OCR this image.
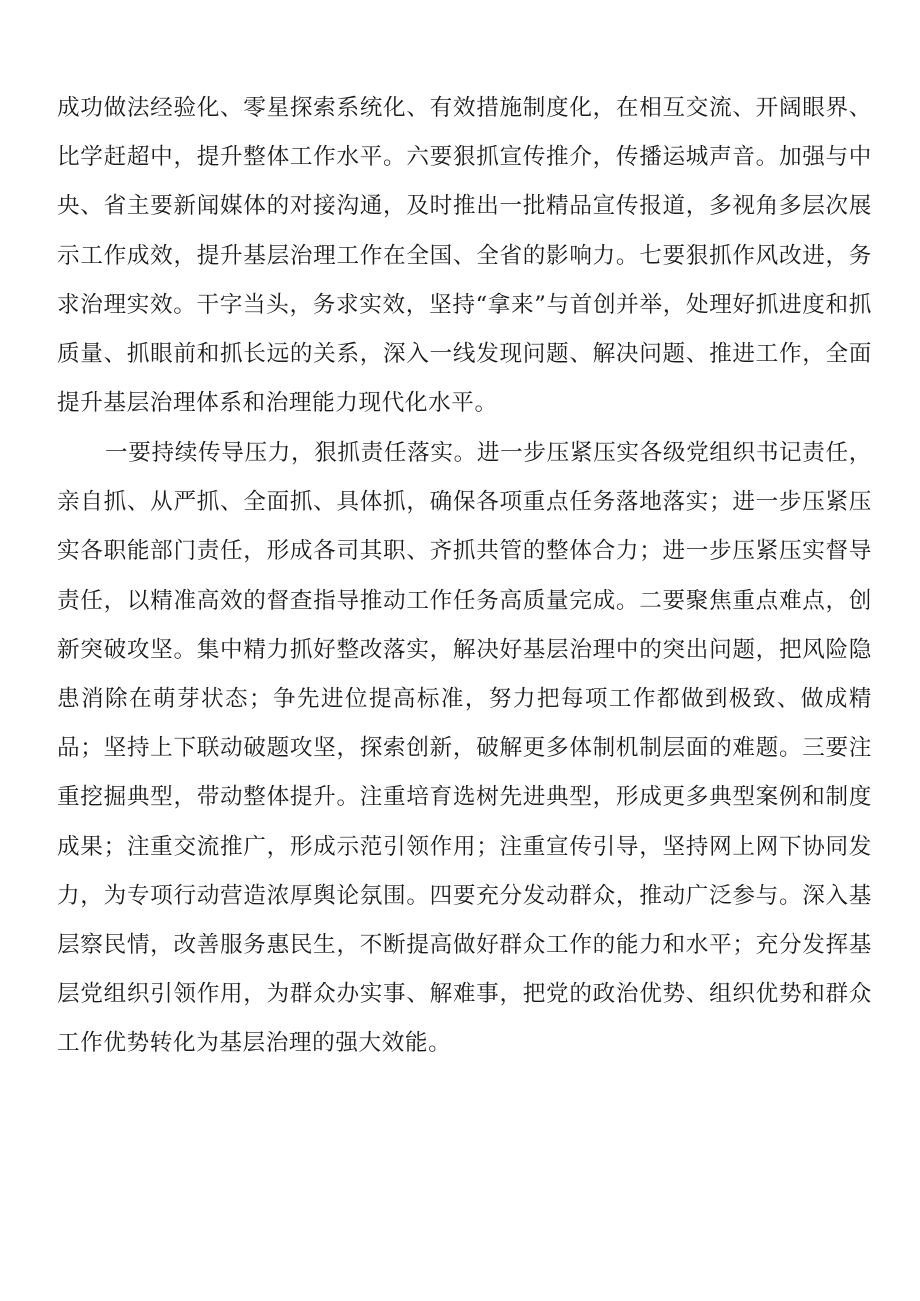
成功做法经验化、零星探索系统化、有效措施制度化，在相互交流、开阔眼界、比学赶超中，提升整体工作水平。六要狠抓宣传推介，传播运城声音。加强与中央、省主要新闻媒体的对接沟通，及时推出一批精品宣传报道，多视角多层次展示工作成效，提升基层治理工作在全国、全省的影响力。七要狠抓作风改进，务求治理实效。干字当头，务求实效，坚持“拿来”与首创并举，处理好抓进度和抓质量、抓眼前和抓长远的关系，深入一线发现问题、解决问题、推进工作，全面提升基层治理体系和治理能力现代化水平。

一要持续传导压力，狠抓责任落实。进一步压紧压实各级党组织书记责任，亲自抓、从严抓、全面抓、具体抓，确保各项重点任务落地落实；进一步压紧压实各职能部门责任，形成各司其职、齐抓共管的整体合力；进一步压紧压实督导责任，以精准高效的督查指导推动工作任务高质量完成。二要聚焦重点难点，创新突破攻坚。集中精力抓好整改落实，解决好基层治理中的突出问题，把风险隐患消除在萌芽状态；争先进位提高标准，努力把每项工作都做到极致、做成精品；坚持上下联动破题攻坚，探索创新，破解更多体制机制层面的难题。三要注重挖掘典型，带动整体提升。注重培育选树先进典型，形成更多典型案例和制度成果；注重交流推广，形成示范引领作用；注重宣传引导，坚持网上网下协同发力，为专项行动营造浓厚舆论氛围。四要充分发动群众，推动广泛参与。深入基层察民情，改善服务惠民生，不断提高做好群众工作的能力和水平；充分发挥基层党组织引领作用，为群众办实事、解难事，把党的政治优势、组织优势和群众工作优势转化为基层治理的强大效能。
